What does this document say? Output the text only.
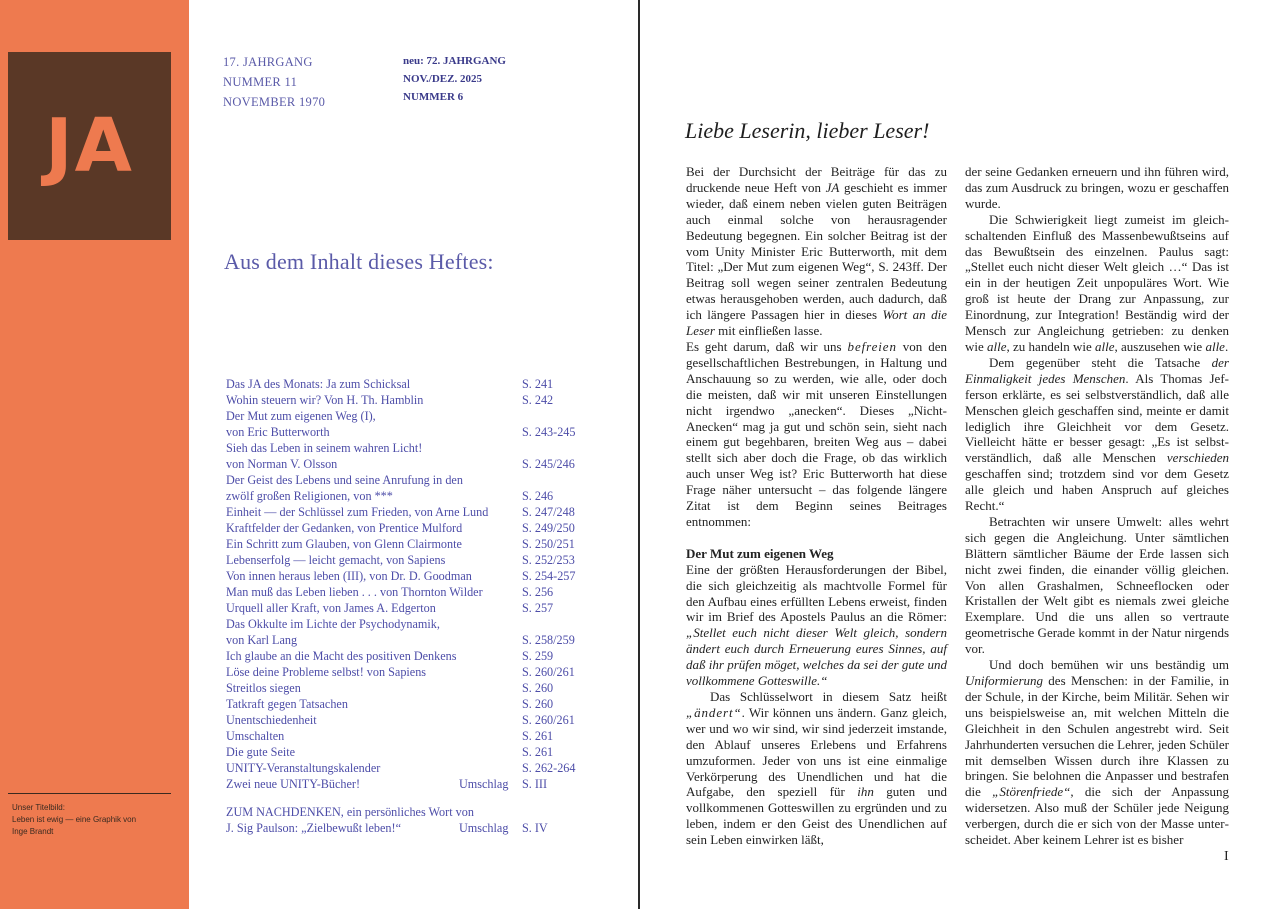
JA
Unser Titelbild:
Leben ist ewig — eine Graphik von
Inge Brandt
17. JAHRGANG
NUMMER 11
NOVEMBER 1970
neu: 72. JAHRGANG
NOV./DEZ. 2025
NUMMER 6
Aus dem Inhalt dieses Heftes:
Das JA des Monats: Ja zum Schicksal	S. 241
Wohin steuern wir? Von H. Th. Hamblin	S. 242
Der Mut zum eigenen Weg (I),
von Eric Butterworth	S. 243-245
Sieh das Leben in seinem wahren Licht!
von Norman V. Olsson	S. 245/246
Der Geist des Lebens und seine Anrufung in den
zwölf großen Religionen, von ***	S. 246
Einheit — der Schlüssel zum Frieden, von Arne Lund	S. 247/248
Kraftfelder der Gedanken, von Prentice Mulford	S. 249/250
Ein Schritt zum Glauben, von Glenn Clairmonte	S. 250/251
Lebenserfolg — leicht gemacht, von Sapiens	S. 252/253
Von innen heraus leben (III), von Dr. D. Goodman	S. 254-257
Man muß das Leben lieben . . . von Thornton Wilder	S. 256
Urquell aller Kraft, von James A. Edgerton	S. 257
Das Okkulte im Lichte der Psychodynamik,
von Karl Lang	S. 258/259
Ich glaube an die Macht des positiven Denkens	S. 259
Löse deine Probleme selbst! von Sapiens	S. 260/261
Streitlos siegen	S. 260
Tatkraft gegen Tatsachen	S. 260
Unentschiedenheit	S. 260/261
Umschalten	S. 261
Die gute Seite	S. 261
UNITY-Veranstaltungskalender	S. 262-264
Zwei neue UNITY-Bücher!	Umschlag S. III
ZUM NACHDENKEN, ein persönliches Wort von
J. Sig Paulson: „Zielbewußt leben!“	Umschlag S. IV
Liebe Leserin, lieber Leser!

Bei der Durchsicht der Beiträge für das zu druckende neue Heft von JA geschieht es immer wieder, daß einem neben vielen guten Beiträgen auch einmal solche von herausragender Bedeutung begegnen. Ein solcher Beitrag ist der vom Unity Minister Eric Butterworth, mit dem Titel: „Der Mut zum eigenen Weg“, S. 243ff. Der Beitrag soll wegen seiner zentralen Bedeutung etwas herausgehoben werden, auch dadurch, daß ich längere Passagen hier in dieses Wort an die Leser mit einfließen lasse.

Es geht darum, daß wir uns befreien von den gesellschaftlichen Bestrebungen, in Haltung und Anschauung so zu werden, wie alle, oder doch die meisten, daß wir mit unseren Einstellungen nicht irgendwo „anecken“. Dieses „Nicht-Anecken“ mag ja gut und schön sein, sieht nach einem gut begehbaren, breiten Weg aus – dabei stellt sich aber doch die Frage, ob das wirklich auch unser Weg ist? Eric Butterworth hat diese Frage näher untersucht – das folgende längere Zitat ist dem Beginn seines Beitrages entnommen:

Der Mut zum eigenen Weg

Eine der größten Herausforderungen der Bibel, die sich gleichzeitig als machtvolle Formel für den Aufbau eines erfüllten Lebens erweist, finden wir im Brief des Apostels Paulus an die Römer: „Stellet euch nicht dieser Welt gleich, sondern ändert euch durch Erneuerung eures Sinnes, auf daß ihr prüfen möget, welches da sei der gute und vollkommene Gotteswille.“

Das Schlüsselwort in diesem Satz heißt „ändert“. Wir können uns ändern. Ganz gleich, wer und wo wir sind, wir sind jederzeit imstande, den Ablauf unseres Erlebens und Erfahrens umzuformen. Jeder von uns ist eine einmalige Verkörperung des Unendlichen und hat die Aufgabe, den speziell für ihn guten und vollkommenen Gotteswillen zu ergründen und zu leben, indem er den Geist des Unendlichen auf sein Leben einwirken läßt,

der seine Gedanken erneuern und ihn führen wird, das zum Ausdruck zu bringen, wozu er geschaffen wurde.

Die Schwierigkeit liegt zumeist im gleichschaltenden Einfluß des Massenbewußtseins auf das Bewußtsein des einzelnen. Paulus sagt: „Stellet euch nicht dieser Welt gleich …“ Das ist ein in der heutigen Zeit unpopuläres Wort. Wie groß ist heute der Drang zur Anpassung, zur Einordnung, zur Integration! Beständig wird der Mensch zur Angleichung getrieben: zu denken wie alle, zu handeln wie alle, auszusehen wie alle.

Dem gegenüber steht die Tatsache der Einmaligkeit jedes Menschen. Als Thomas Jefferson erklärte, es sei selbstverständlich, daß alle Menschen gleich geschaffen sind, meinte er damit lediglich ihre Gleichheit vor dem Gesetz. Vielleicht hätte er besser gesagt: „Es ist selbstverständlich, daß alle Menschen verschieden geschaffen sind; trotzdem sind vor dem Gesetz alle gleich und haben Anspruch auf gleiches Recht.“

Betrachten wir unsere Umwelt: alles wehrt sich gegen die Angleichung. Unter sämtlichen Blättern sämtlicher Bäume der Erde lassen sich nicht zwei finden, die einander völlig gleichen. Von allen Grashalmen, Schneeflocken oder Kristallen der Welt gibt es niemals zwei gleiche Exemplare. Und die uns allen so vertraute geometrische Gerade kommt in der Natur nirgends vor.

Und doch bemühen wir uns beständig um Uniformierung des Menschen: in der Familie, in der Schule, in der Kirche, beim Militär. Sehen wir uns beispielsweise an, mit welchen Mitteln die Gleichheit in den Schulen angestrebt wird. Seit Jahrhunderten versuchen die Lehrer, jeden Schüler mit demselben Wissen durch ihre Klassen zu bringen. Sie belohnen die Anpasser und bestrafen die „Störenfriede“, die sich der Anpassung widersetzen. Also muß der Schüler jede Neigung verbergen, durch die er sich von der Masse unterscheidet. Aber keinem Lehrer ist es bisher

I
